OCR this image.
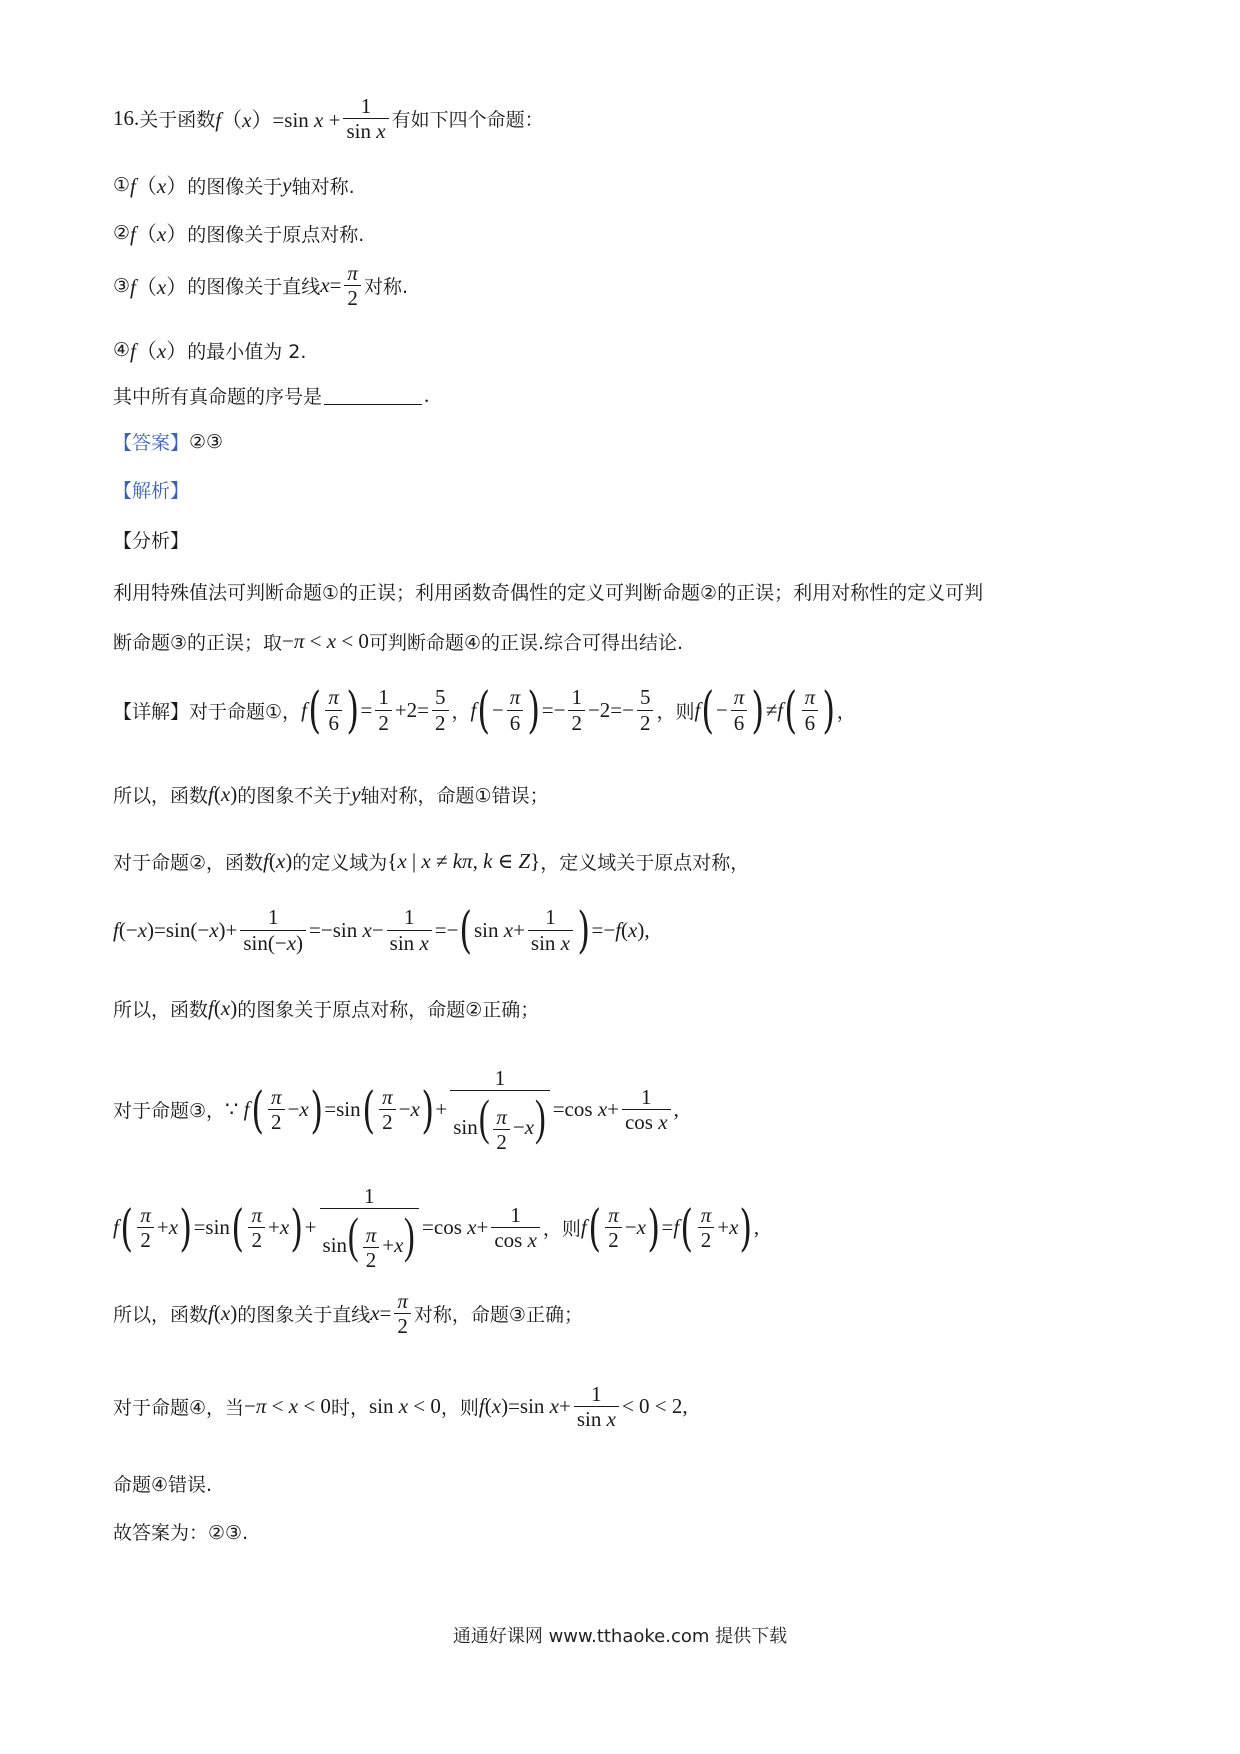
16. 关于函数 f（x）=sin $x + \frac{1}{\text{sin x}}$ 有如下四个命题：
① f（x） 的图像关于 y 轴对称.
② f（x） 的图像关于原点对称.
③ f（x） 的图像关于直线 $x= \frac{\pi}{2}$ 对称.
④ f（x） 的最小值为 2.
其中所有真命题的序号是	.
【答案】 ②③
【解析】
【分析】
利用特殊值法可判断命题①的正误；利用函数奇偶性的定义可判断命题②的正误；利用对称性的定义可判
断命题③的正误；取 −π < x < 0 可判断命题④的正误.综合可得出结论.
【详解】 对于命题①， f ( $\frac{\pi}{6}$ ) = $\frac{1}{2} +2= \frac{5}{2}$ ， f ( − $\frac{\pi}{6}$ ) =− $\frac{1}{2} -2=- \frac{5}{2}$ ，则 f ( − $\frac{\pi}{6}$ ) ≠ f ( $\frac{\pi}{6}$ ) ，
所以，函数 f(x) 的图象不关于 y 轴对称，命题①错误；
对于命题②，函数 f(x) 的定义域为 {x | x ≠ kπ, k ∈ Z} ，定义域关于原点对称，
$f(-x)=\sin(-x)+ \frac{1}{\sin(-x)} =-\sin$ $x- \frac{1}{\text{sin x}}$ =− ( $\sin x+ \frac{1}{\text{sin x}}$ ) =−f(x),
所以，函数 f(x) 的图象关于原点对称，命题②正确；
对于命题③， ∵ f ( $\frac{\pi}{2} -x$ ) =sin ( $\frac{\pi}{2} -x$ ) + $\frac{1}{\sin( \frac{\pi}{2} -x)} =\cos$ $x+ \frac{1}{\text{cos x}}$ ,
f ( $\frac{\pi}{2} +x$ ) =sin ( $\frac{\pi}{2} +x$ ) + $\frac{1}{\sin( \frac{\pi}{2} +x)} =\cos$ $x+ \frac{1}{\text{cos x}}$ ，则 f ( $\frac{\pi}{2} -x$ ) =f ( $\frac{\pi}{2} +x$ ) ,
所以，函数 f(x) 的图象关于直线 $x= \frac{\pi}{2}$ 对称，命题③正确；
对于命题④，当 −π < x < 0 时， sin x < 0 ，则 f(x)=sin $x+ \frac{1}{\text{sin x}} < 0 < 2$,
命题④错误.
故答案为：②③.
通通好课网 www.tthaoke.com 提供下载
